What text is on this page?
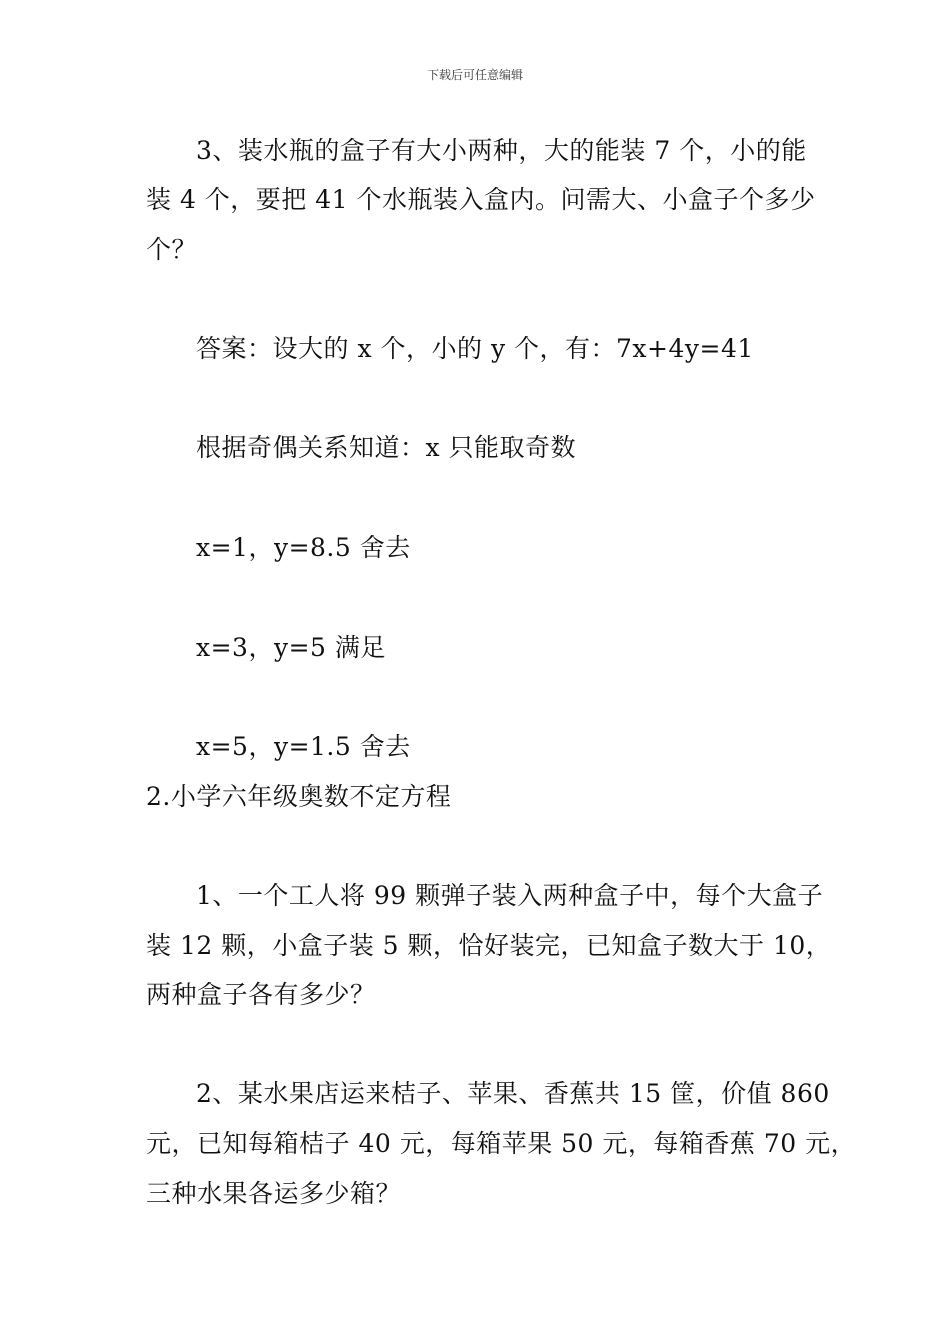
下载后可任意编辑
3、装水瓶的盒子有大小两种，大的能装 7 个，小的能
装 4 个，要把 41 个水瓶装入盒内。问需大、小盒子个多少
个？
答案：设大的 x 个，小的 y 个，有：7x+4y=41
根据奇偶关系知道：x 只能取奇数
x=1，y=8.5 舍去
x=3，y=5 满足
x=5，y=1.5 舍去
2.小学六年级奥数不定方程
1、一个工人将 99 颗弹子装入两种盒子中，每个大盒子
装 12 颗，小盒子装 5 颗，恰好装完，已知盒子数大于 10，
两种盒子各有多少？
2、某水果店运来桔子、苹果、香蕉共 15 筐，价值 860
元，已知每箱桔子 40 元，每箱苹果 50 元，每箱香蕉 70 元，
三种水果各运多少箱？
